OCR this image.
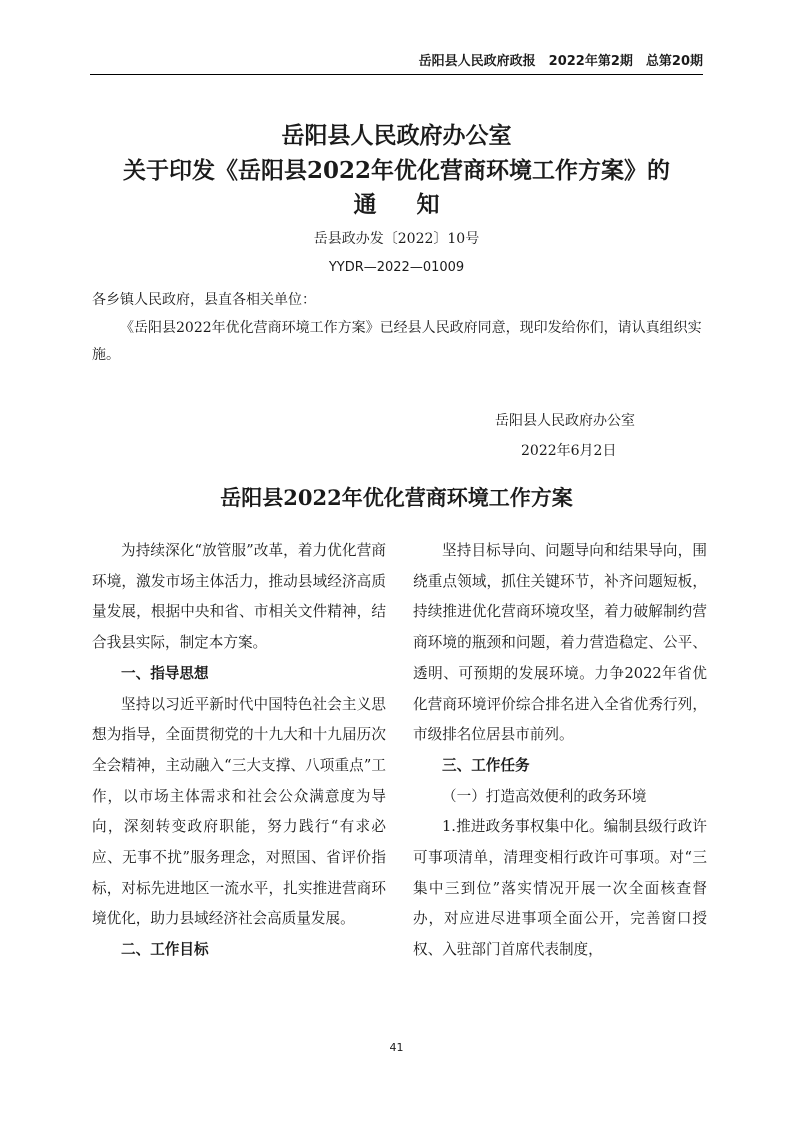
岳阳县人民政府政报　2022年第2期　总第20期
岳阳县人民政府办公室
关于印发《岳阳县2022年优化营商环境工作方案》的
通知
岳县政办发〔2022〕10号
YYDR—2022—01009
各乡镇人民政府，县直各相关单位：
《岳阳县2022年优化营商环境工作方案》已经县人民政府同意，现印发给你们，请认真组织实施。
岳阳县人民政府办公室
2022年6月2日
岳阳县2022年优化营商环境工作方案

为持续深化“放管服”改革，着力优化营商环境，激发市场主体活力，推动县域经济高质量发展，根据中央和省、市相关文件精神，结合我县实际，制定本方案。

一、指导思想

坚持以习近平新时代中国特色社会主义思想为指导，全面贯彻党的十九大和十九届历次全会精神，主动融入“三大支撑、八项重点”工作，以市场主体需求和社会公众满意度为导向，深刻转变政府职能，努力践行“有求必应、无事不扰”服务理念，对照国、省评价指标，对标先进地区一流水平，扎实推进营商环境优化，助力县域经济社会高质量发展。

二、工作目标

坚持目标导向、问题导向和结果导向，围绕重点领域，抓住关键环节，补齐问题短板，持续推进优化营商环境攻坚，着力破解制约营商环境的瓶颈和问题，着力营造稳定、公平、透明、可预期的发展环境。力争2022年省优化营商环境评价综合排名进入全省优秀行列，市级排名位居县市前列。

三、工作任务
（一）打造高效便利的政务环境

1.推进政务事权集中化。编制县级行政许可事项清单，清理变相行政许可事项。对“三集中三到位”落实情况开展一次全面核查督办，对应进尽进事项全面公开，完善窗口授权、入驻部门首席代表制度，

41
